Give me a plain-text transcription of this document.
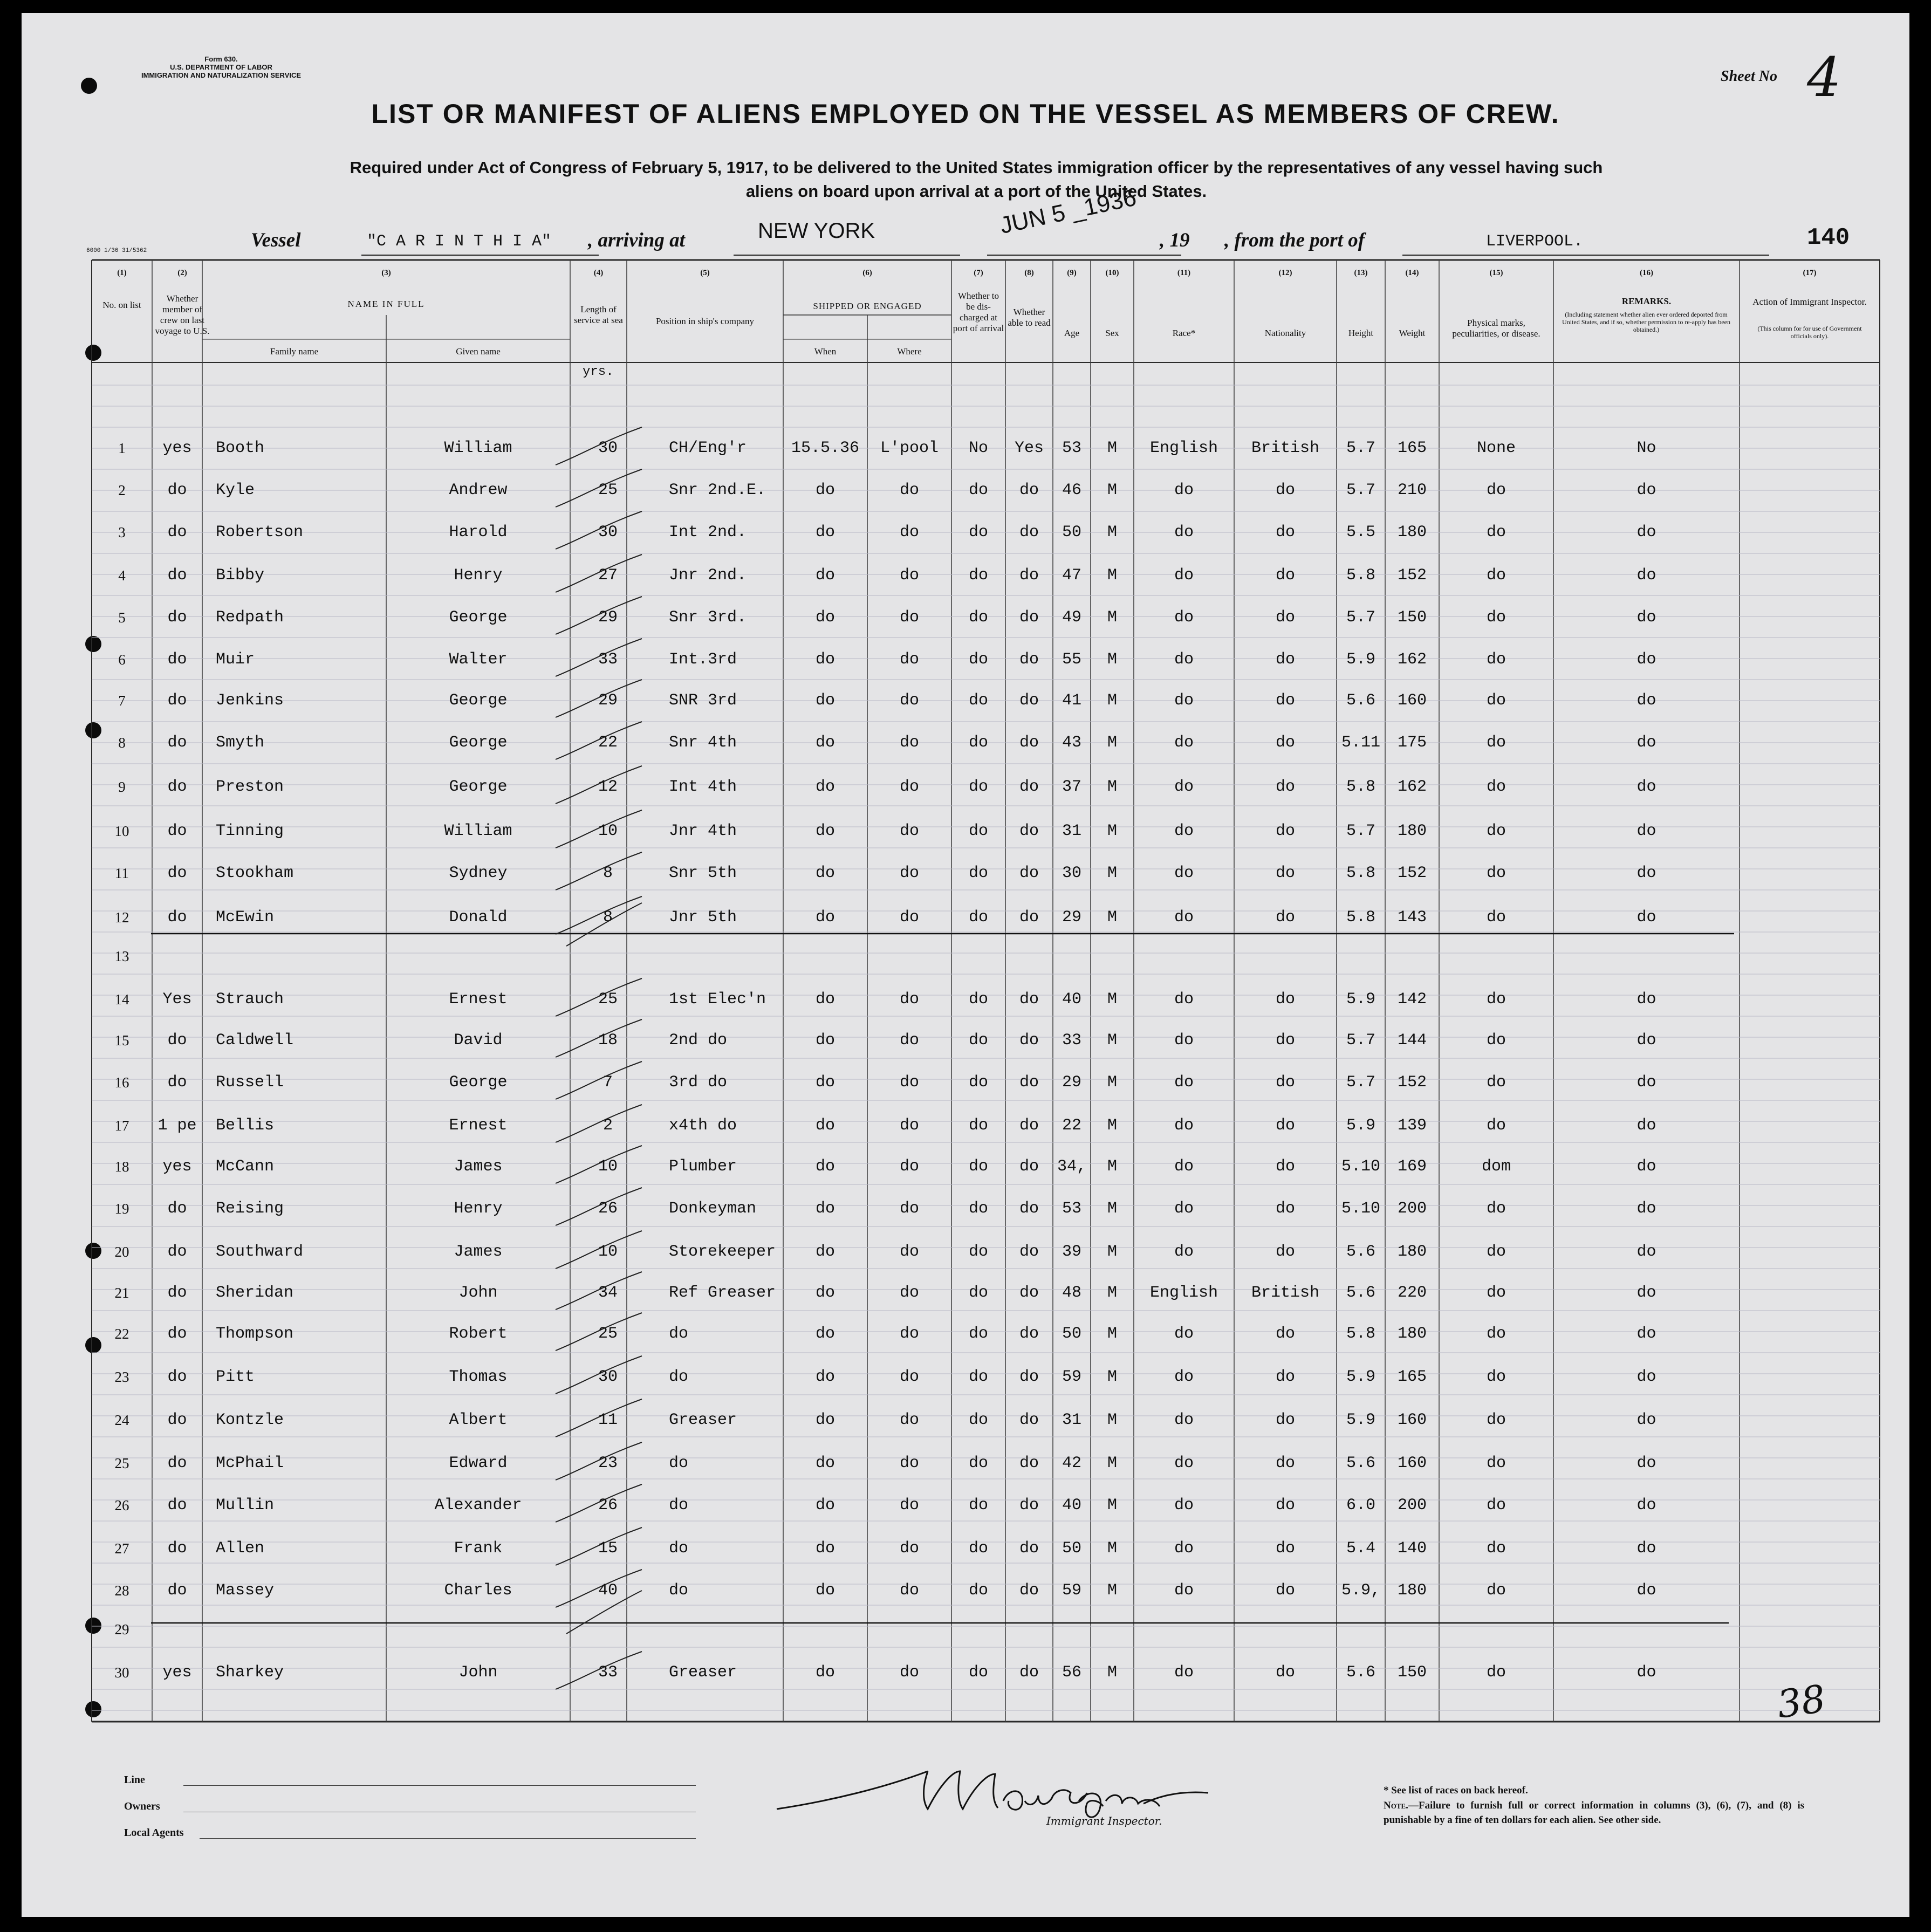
Form 630.
U.S. DEPARTMENT OF LABOR
IMMIGRATION AND NATURALIZATION SERVICE
6000 1/36 31/5362
Sheet No 4
LIST OR MANIFEST OF ALIENS EMPLOYED ON THE VESSEL AS MEMBERS OF CREW.
Required under Act of Congress of February 5, 1917, to be delivered to the United States immigration officer by the representatives of any vessel having such
aliens on board upon arrival at a port of the United States.
Vessel	"C A R I N T H I A" , arriving at	NEW YORK	JUN 5 _1936
, 19 , from the port of	LIVERPOOL.	140
(1)
No. on list
(2)
Whether member of crew on last voyage to U.S.
(3)
NAME IN FULL
Family name	Given name
(4)
Length of service at sea
yrs.
(5)
Position in ship's company
(6)
SHIPPED OR ENGAGED
When	Where
(7)
Whether to be dis-charged at port of arrival
(8)
Whether able to read
(9)
Age
(10)
Sex
(11)
Race*
(12)
Nationality
(13)
Height
(14)
Weight
(15)
Physical marks, peculiarities, or disease.
(16)
REMARKS.
(Including statement whether alien ever ordered deported from United States, and if so, whether permission to re-apply has been obtained.)
(17)
Action of Immigrant Inspector.
(This column for for use of Government officials only).
1	yes	Booth	William	30	CH/Eng'r	15.5.36	L'pool	No	Yes	53	M	English	British	5.7	165	None	No
2	do	Kyle	Andrew	25	Snr 2nd.E.	do	do	do	do	46	M	do	do	5.7	210	do	do
3	do	Robertson	Harold	30	Int 2nd.	do	do	do	do	50	M	do	do	5.5	180	do	do
4	do	Bibby	Henry	27	Jnr 2nd.	do	do	do	do	47	M	do	do	5.8	152	do	do
5	do	Redpath	George	29	Snr 3rd.	do	do	do	do	49	M	do	do	5.7	150	do	do
6	do	Muir	Walter	33	Int.3rd	do	do	do	do	55	M	do	do	5.9	162	do	do
7	do	Jenkins	George	29	SNR 3rd	do	do	do	do	41	M	do	do	5.6	160	do	do
8	do	Smyth	George	22	Snr 4th	do	do	do	do	43	M	do	do	5.11	175	do	do
9	do	Preston	George	12	Int 4th	do	do	do	do	37	M	do	do	5.8	162	do	do
10	do	Tinning	William	10	Jnr 4th	do	do	do	do	31	M	do	do	5.7	180	do	do
11	do	Stookham	Sydney	8	Snr 5th	do	do	do	do	30	M	do	do	5.8	152	do	do
12	do	McEwin	Donald	8	Jnr 5th	do	do	do	do	29	M	do	do	5.8	143	do	do
13
14	Yes	Strauch	Ernest	25	1st Elec'n	do	do	do	do	40	M	do	do	5.9	142	do	do
15	do	Caldwell	David	18	2nd do	do	do	do	do	33	M	do	do	5.7	144	do	do
16	do	Russell	George	7	3rd do	do	do	do	do	29	M	do	do	5.7	152	do	do
17	1 pe	Bellis	Ernest	2	x4th do	do	do	do	do	22	M	do	do	5.9	139	do	do
18	yes	McCann	James	10	Plumber	do	do	do	do	34,	M	do	do	5.10	169	dom	do
19	do	Reising	Henry	26	Donkeyman	do	do	do	do	53	M	do	do	5.10	200	do	do
20	do	Southward	James	10	Storekeeper	do	do	do	do	39	M	do	do	5.6	180	do	do
21	do	Sheridan	John	34	Ref Greaser	do	do	do	do	48	M	English	British	5.6	220	do	do
22	do	Thompson	Robert	25	do	do	do	do	do	50	M	do	do	5.8	180	do	do
23	do	Pitt	Thomas	30	do	do	do	do	do	59	M	do	do	5.9	165	do	do
24	do	Kontzle	Albert	11	Greaser	do	do	do	do	31	M	do	do	5.9	160	do	do
25	do	McPhail	Edward	23	do	do	do	do	do	42	M	do	do	5.6	160	do	do
26	do	Mullin	Alexander	26	do	do	do	do	do	40	M	do	do	6.0	200	do	do
27	do	Allen	Frank	15	do	do	do	do	do	50	M	do	do	5.4	140	do	do
28	do	Massey	Charles	40	do	do	do	do	do	59	M	do	do	5.9,	180	do	do
29
30	yes	Sharkey	John	33	Greaser	do	do	do	do	56	M	do	do	5.6	150	do	do
38
Line
Owners
Local Agents
Immigrant Inspector.
* See list of races on back hereof.
Note.—Failure to furnish full or correct information in columns (3), (6), (7), and (8) is punishable by a fine of ten dollars for each alien. See other side.
